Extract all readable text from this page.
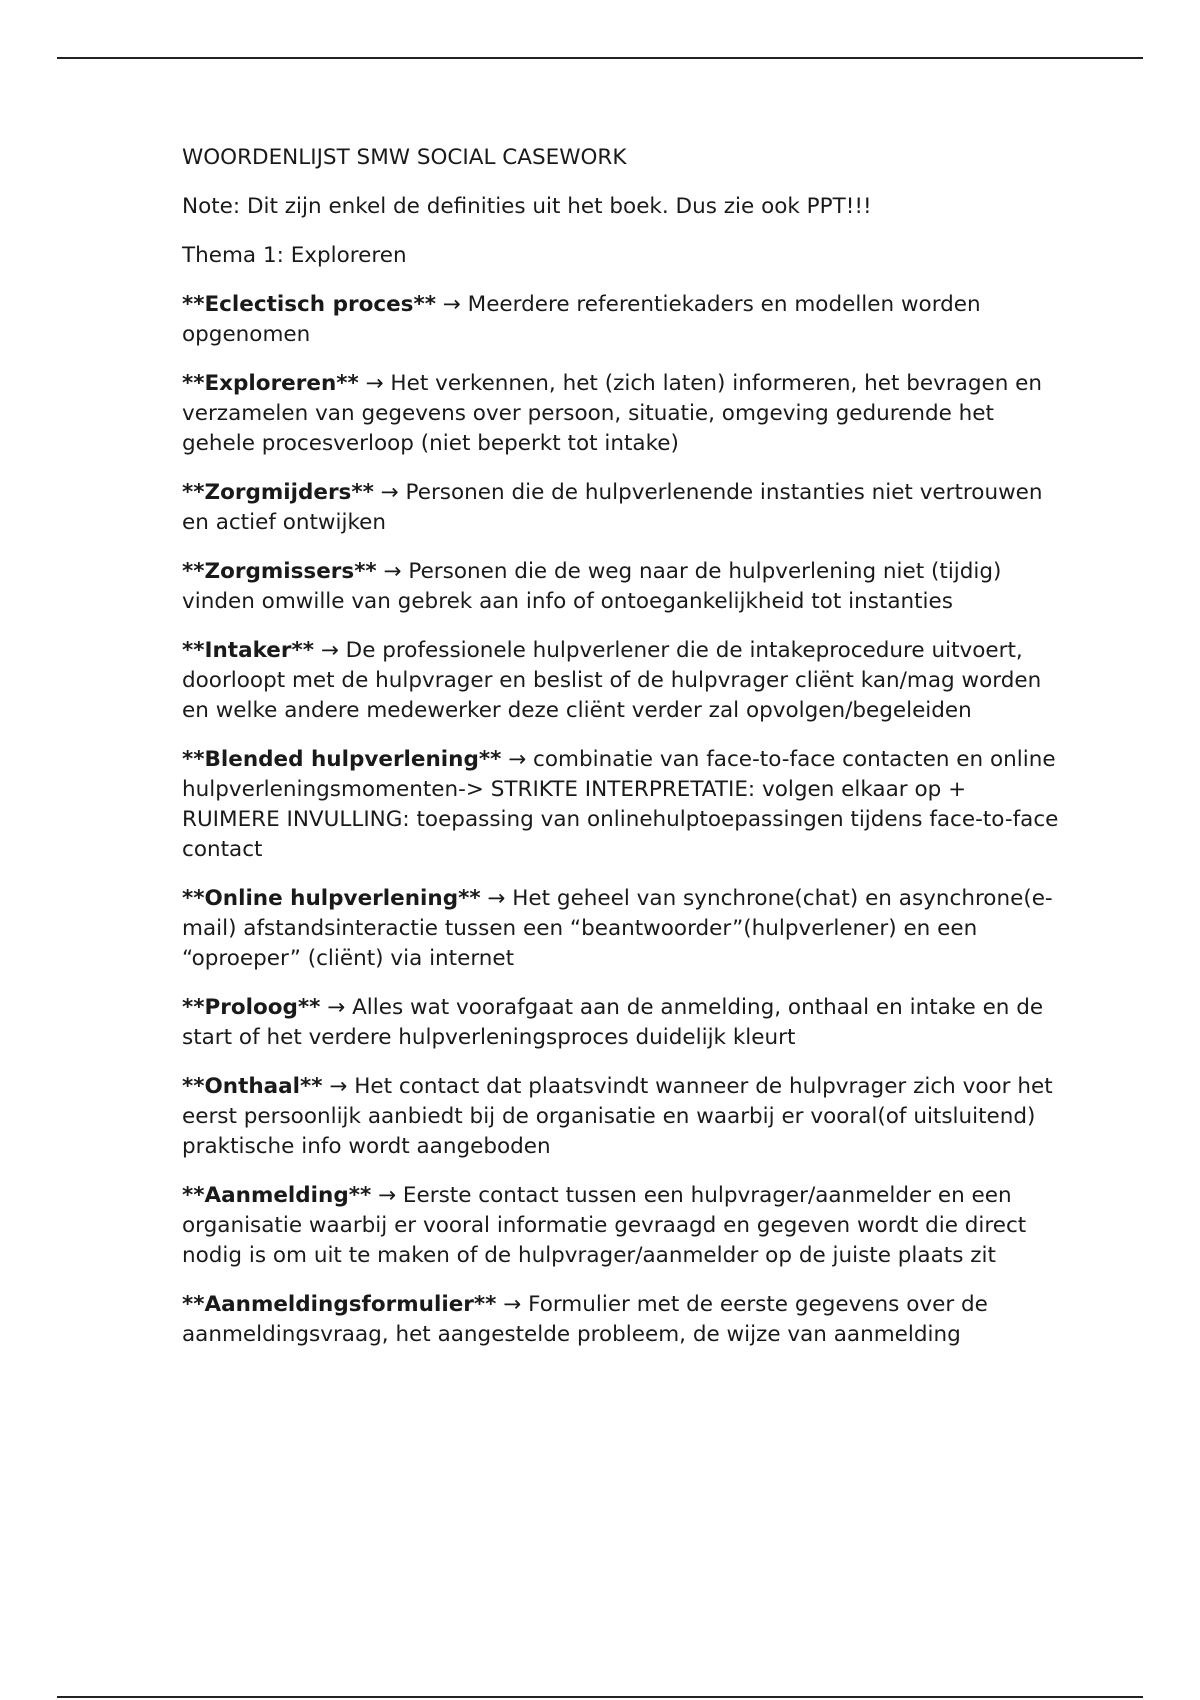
WOORDENLIJST SMW SOCIAL CASEWORK

Note: Dit zijn enkel de definities uit het boek. Dus zie ook PPT!!!

Thema 1: Exploreren

**Eclectisch proces** → Meerdere referentiekaders en modellen worden opgenomen

**Exploreren** → Het verkennen, het (zich laten) informeren, het bevragen en verzamelen van gegevens over persoon, situatie, omgeving gedurende het gehele procesverloop (niet beperkt tot intake)

**Zorgmijders** → Personen die de hulpverlenende instanties niet vertrouwen en actief ontwijken

**Zorgmissers** → Personen die de weg naar de hulpverlening niet (tijdig) vinden omwille van gebrek aan info of ontoegankelijkheid tot instanties

**Intaker** → De professionele hulpverlener die de intakeprocedure uitvoert, doorloopt met de hulpvrager en beslist of de hulpvrager cliënt kan/mag worden en welke andere medewerker deze cliënt verder zal opvolgen/begeleiden

**Blended hulpverlening** → combinatie van face-to-face contacten en online hulpverleningsmomenten-> STRIKTE INTERPRETATIE: volgen elkaar op + RUIMERE INVULLING: toepassing van onlinehulptoepassingen tijdens face-to-face contact

**Online hulpverlening** → Het geheel van synchrone(chat) en asynchrone(e-mail) afstandsinteractie tussen een “beantwoorder”(hulpverlener) en een “oproeper” (cliënt) via internet

**Proloog** → Alles wat voorafgaat aan de anmelding, onthaal en intake en de start of het verdere hulpverleningsproces duidelijk kleurt

**Onthaal** → Het contact dat plaatsvindt wanneer de hulpvrager zich voor het eerst persoonlijk aanbiedt bij de organisatie en waarbij er vooral(of uitsluitend) praktische info wordt aangeboden

**Aanmelding** → Eerste contact tussen een hulpvrager/aanmelder en een organisatie waarbij er vooral informatie gevraagd en gegeven wordt die direct nodig is om uit te maken of de hulpvrager/aanmelder op de juiste plaats zit

**Aanmeldingsformulier** → Formulier met de eerste gegevens over de aanmeldingsvraag, het aangestelde probleem, de wijze van aanmelding
